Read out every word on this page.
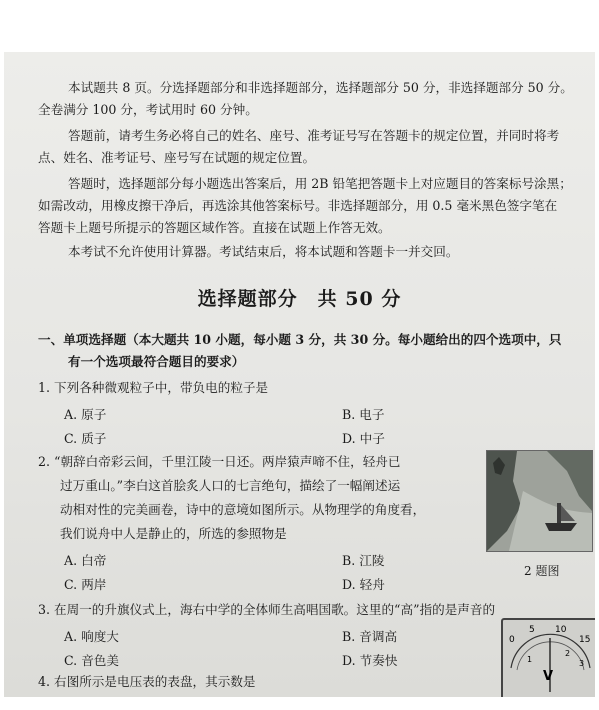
本试题共 8 页。分选择题部分和非选择题部分，选择题部分 50 分，非选择题部分 50 分。
全卷满分 100 分，考试用时 60 分钟。
答题前，请考生务必将自己的姓名、座号、准考证号写在答题卡的规定位置，并同时将考
点、姓名、准考证号、座号写在试题的规定位置。
答题时，选择题部分每小题选出答案后，用 2B 铅笔把答题卡上对应题目的答案标号涂黑；
如需改动，用橡皮擦干净后，再选涂其他答案标号。非选择题部分，用 0.5 毫米黑色签字笔在
答题卡上题号所提示的答题区域作答。直接在试题上作答无效。
本考试不允许使用计算器。考试结束后，将本试题和答题卡一并交回。
选择题部分　共 50 分
一、单项选择题（本大题共 10 小题，每小题 3 分，共 30 分。每小题给出的四个选项中，只
有一个选项最符合题目的要求）
1. 下列各种微观粒子中，带负电的粒子是
A. 原子	B. 电子
C. 质子	D. 中子
2. “朝辞白帝彩云间，千里江陵一日还。两岸猿声啼不住，轻舟已
过万重山。”李白这首脍炙人口的七言绝句，描绘了一幅阐述运
动相对性的完美画卷，诗中的意境如图所示。从物理学的角度看，
我们说舟中人是静止的，所选的参照物是
A. 白帝	B. 江陵
C. 两岸	D. 轻舟
2 题图
3. 在周一的升旗仪式上，海右中学的全体师生高唱国歌。这里的“高”指的是声音的
A. 响度大	B. 音调高
C. 音色美	D. 节奏快
4. 右图所示是电压表的表盘，其示数是
0
5 10
15
1
2
3
V
